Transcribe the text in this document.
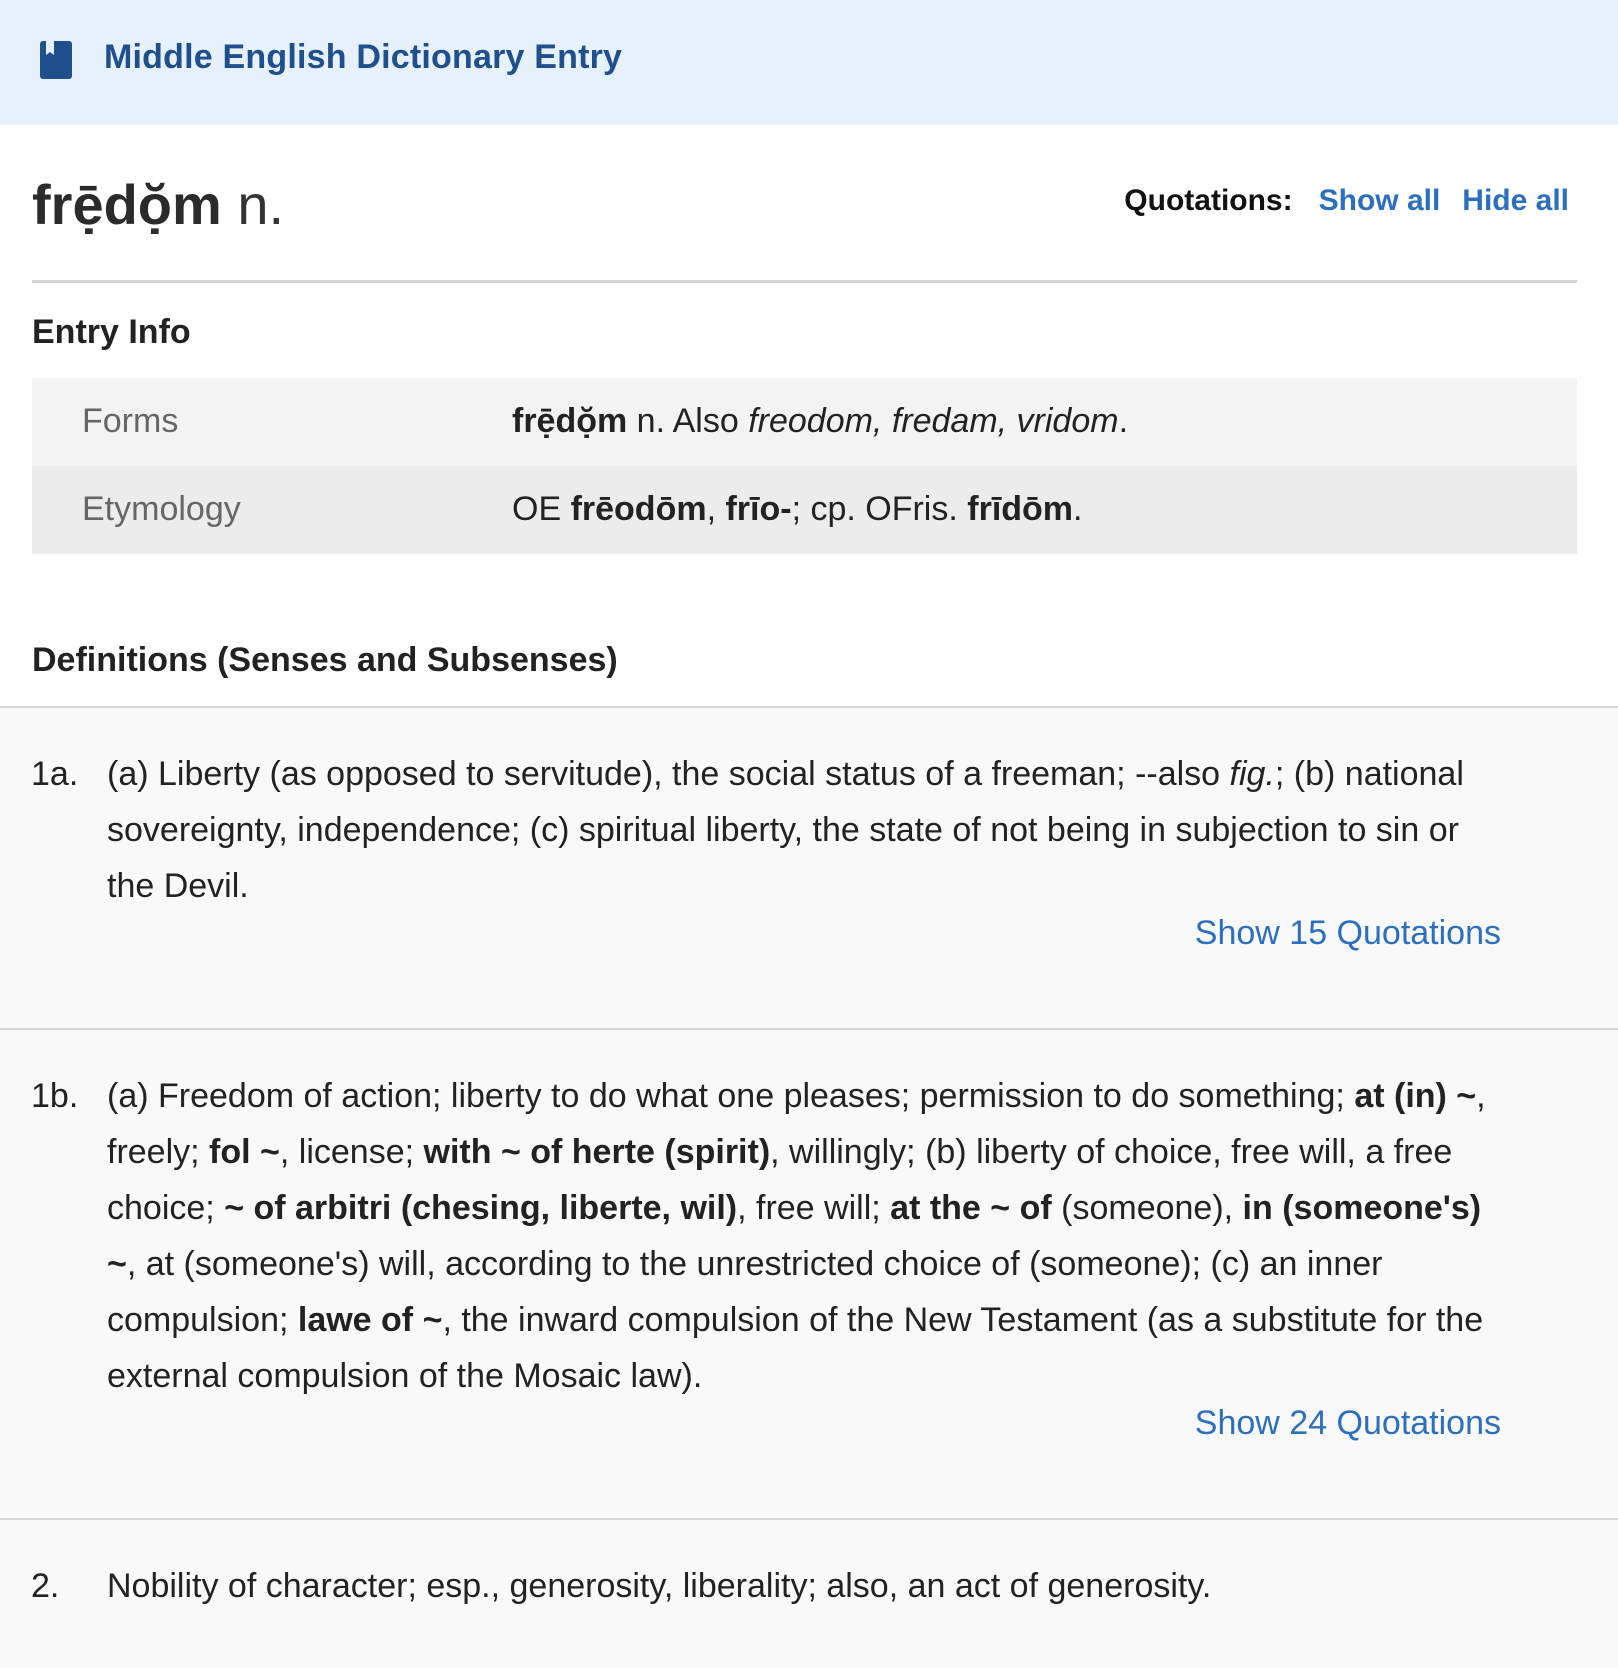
Middle English Dictionary Entry
frẹ̄dọ̆m n.	Quotations: Show all Hide all
Entry Info
Forms	frẹ̄dọ̆m n. Also freodom, fredam, vridom.
Etymology	OE frēodōm, frīo-; cp. OFris. frīdōm.
Definitions (Senses and Subsenses)
1a. (a) Liberty (as opposed to servitude), the social status of a freeman; --also fig.; (b) national sovereignty, independence; (c) spiritual liberty, the state of not being in subjection to sin or the Devil.
Show 15 Quotations
1b. (a) Freedom of action; liberty to do what one pleases; permission to do something; at (in) ~, freely; fol ~, license; with ~ of herte (spirit), willingly; (b) liberty of choice, free will, a free choice; ~ of arbitri (chesing, liberte, wil), free will; at the ~ of (someone), in (someone's) ~, at (someone's) will, according to the unrestricted choice of (someone); (c) an inner compulsion; lawe of ~, the inward compulsion of the New Testament (as a substitute for the external compulsion of the Mosaic law).
Show 24 Quotations
2. Nobility of character; esp., generosity, liberality; also, an act of generosity.
